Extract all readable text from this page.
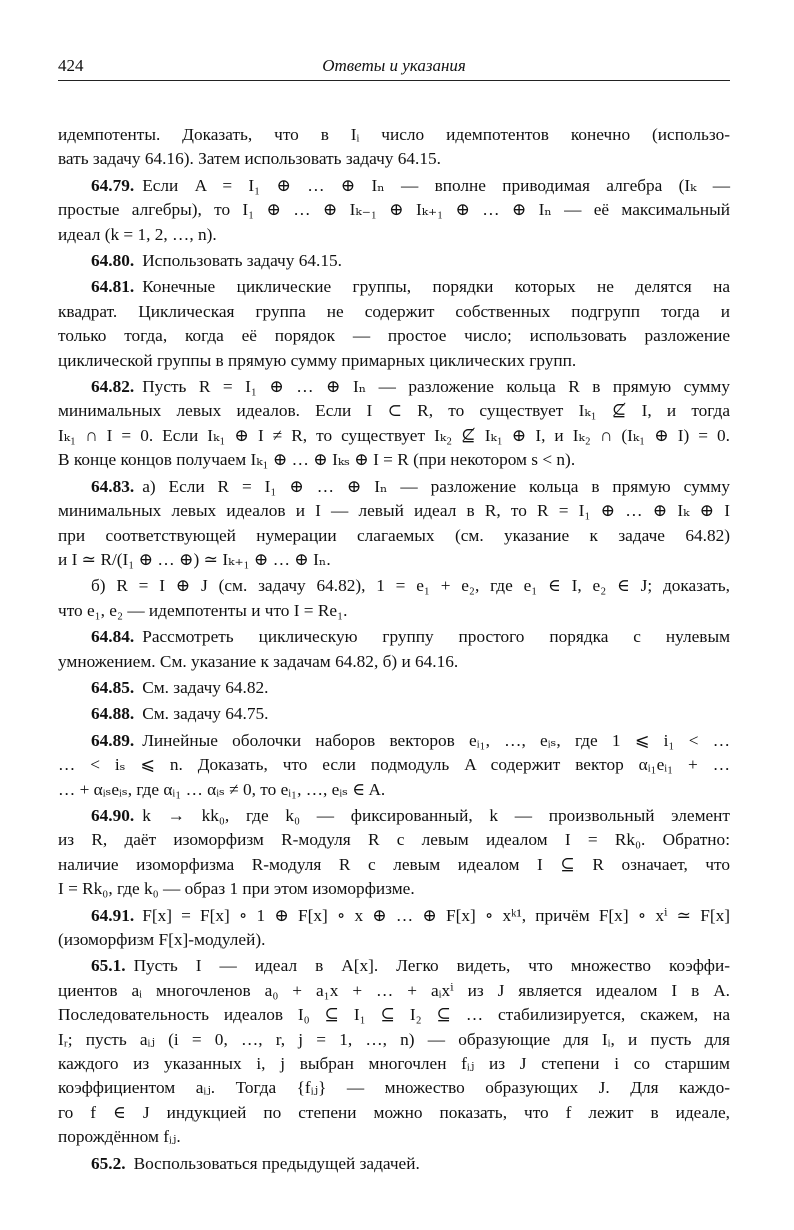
424	Ответы и указания
идемпотенты. Доказать, что в Iᵢ число идемпотентов конечно (использо-
вать задачу 64.16). Затем использовать задачу 64.15.
64.79. Если A = I₁ ⊕ … ⊕ Iₙ — вполне приводимая алгебра (Iₖ —
простые алгебры), то I₁ ⊕ … ⊕ Iₖ₋₁ ⊕ Iₖ₊₁ ⊕ … ⊕ Iₙ — её максимальный
идеал (k = 1, 2, …, n).
64.80. Использовать задачу 64.15.
64.81. Конечные циклические группы, порядки которых не делятся на
квадрат. Циклическая группа не содержит собственных подгрупп тогда и
только тогда, когда её порядок — простое число; использовать разложение
циклической группы в прямую сумму примарных циклических групп.
64.82. Пусть R = I₁ ⊕ … ⊕ Iₙ — разложение кольца R в прямую сумму
минимальных левых идеалов. Если I ⊂ R, то существует Iₖ₁ ⊈ I, и тогда
Iₖ₁ ∩ I = 0. Если Iₖ₁ ⊕ I ≠ R, то существует Iₖ₂ ⊈ Iₖ₁ ⊕ I, и Iₖ₂ ∩ (Iₖ₁ ⊕ I) = 0.
В конце концов получаем Iₖ₁ ⊕ … ⊕ Iₖₛ ⊕ I = R (при некотором s < n).
64.83. а) Если R = I₁ ⊕ … ⊕ Iₙ — разложение кольца в прямую сумму
минимальных левых идеалов и I — левый идеал в R, то R = I₁ ⊕ … ⊕ Iₖ ⊕ I
при соответствующей нумерации слагаемых (см. указание к задаче 64.82)
и I ≃ R/(I₁ ⊕ … ⊕) ≃ Iₖ₊₁ ⊕ … ⊕ Iₙ.
б) R = I ⊕ J (см. задачу 64.82), 1 = e₁ + e₂, где e₁ ∈ I, e₂ ∈ J; доказать,
что e₁, e₂ — идемпотенты и что I = Re₁.
64.84. Рассмотреть циклическую группу простого порядка с нулевым
умножением. См. указание к задачам 64.82, б) и 64.16.
64.85. См. задачу 64.82.
64.88. См. задачу 64.75.
64.89. Линейные оболочки наборов векторов eᵢ₁, …, eᵢₛ, где 1 ⩽ i₁ < …
… < iₛ ⩽ n. Доказать, что если подмодуль A содержит вектор αᵢ₁eᵢ₁ + …
… + αᵢₛeᵢₛ, где αᵢ₁ … αᵢₛ ≠ 0, то eᵢ₁, …, eᵢₛ ∈ A.
64.90. k → kk₀, где k₀ — фиксированный, k — произвольный элемент
из R, даёт изоморфизм R-модуля R с левым идеалом I = Rk₀. Обратно:
наличие изоморфизма R-модуля R с левым идеалом I ⊆ R означает, что
I = Rk₀, где k₀ — образ 1 при этом изоморфизме.
64.91. F[x] = F[x] ∘ 1 ⊕ F[x] ∘ x ⊕ … ⊕ F[x] ∘ xᵏ¹, причём F[x] ∘ xⁱ ≃ F[x]
(изоморфизм F[x]-модулей).
65.1. Пусть I — идеал в A[x]. Легко видеть, что множество коэффи-
циентов aᵢ многочленов a₀ + a₁x + … + aᵢxⁱ из J является идеалом I в A.
Последовательность идеалов I₀ ⊆ I₁ ⊆ I₂ ⊆ … стабилизируется, скажем, на
Iᵣ; пусть aᵢⱼ (i = 0, …, r, j = 1, …, n) — образующие для Iᵢ, и пусть для
каждого из указанных i, j выбран многочлен fᵢⱼ из J степени i со старшим
коэффициентом aᵢⱼ. Тогда {fᵢⱼ} — множество образующих J. Для каждо-
го f ∈ J индукцией по степени можно показать, что f лежит в идеале,
порождённом fᵢⱼ.
65.2. Воспользоваться предыдущей задачей.
